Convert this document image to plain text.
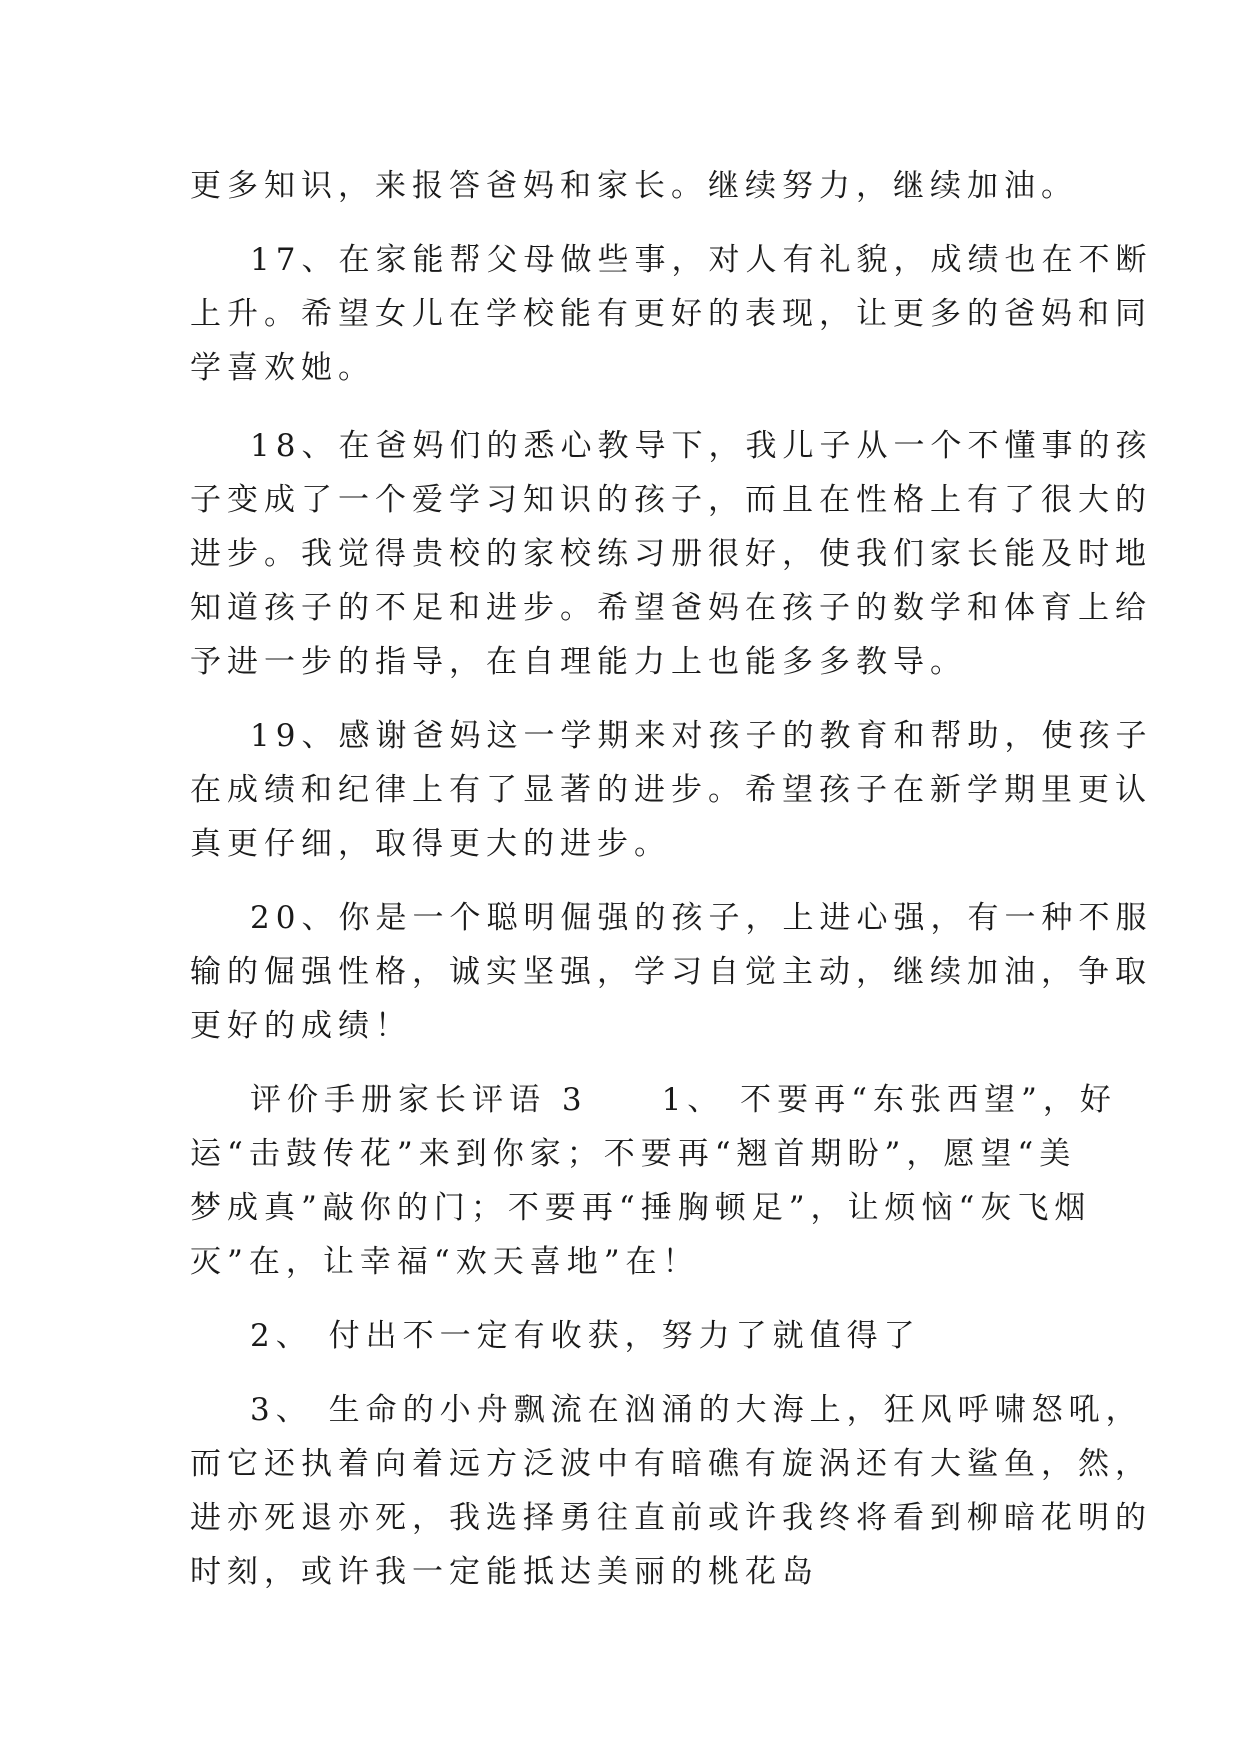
更多知识，来报答爸妈和家长。继续努力，继续加油。
17、在家能帮父母做些事，对人有礼貌，成绩也在不断
上升。希望女儿在学校能有更好的表现，让更多的爸妈和同
学喜欢她。
18、在爸妈们的悉心教导下，我儿子从一个不懂事的孩
子变成了一个爱学习知识的孩子，而且在性格上有了很大的
进步。我觉得贵校的家校练习册很好，使我们家长能及时地
知道孩子的不足和进步。希望爸妈在孩子的数学和体育上给
予进一步的指导，在自理能力上也能多多教导。
19、感谢爸妈这一学期来对孩子的教育和帮助，使孩子
在成绩和纪律上有了显著的进步。希望孩子在新学期里更认
真更仔细，取得更大的进步。
20、你是一个聪明倔强的孩子，上进心强，有一种不服
输的倔强性格，诚实坚强，学习自觉主动，继续加油，争取
更好的成绩！
评价手册家长评语 3　　1、 不要再“东张西望”，好
运“击鼓传花”来到你家；不要再“翘首期盼”，愿望“美
梦成真”敲你的门；不要再“捶胸顿足”，让烦恼“灰飞烟
灭”在，让幸福“欢天喜地”在！
2、 付出不一定有收获，努力了就值得了
3、 生命的小舟飘流在汹涌的大海上，狂风呼啸怒吼，
而它还执着向着远方泛波中有暗礁有旋涡还有大鲨鱼，然，
进亦死退亦死，我选择勇往直前或许我终将看到柳暗花明的
时刻，或许我一定能抵达美丽的桃花岛
